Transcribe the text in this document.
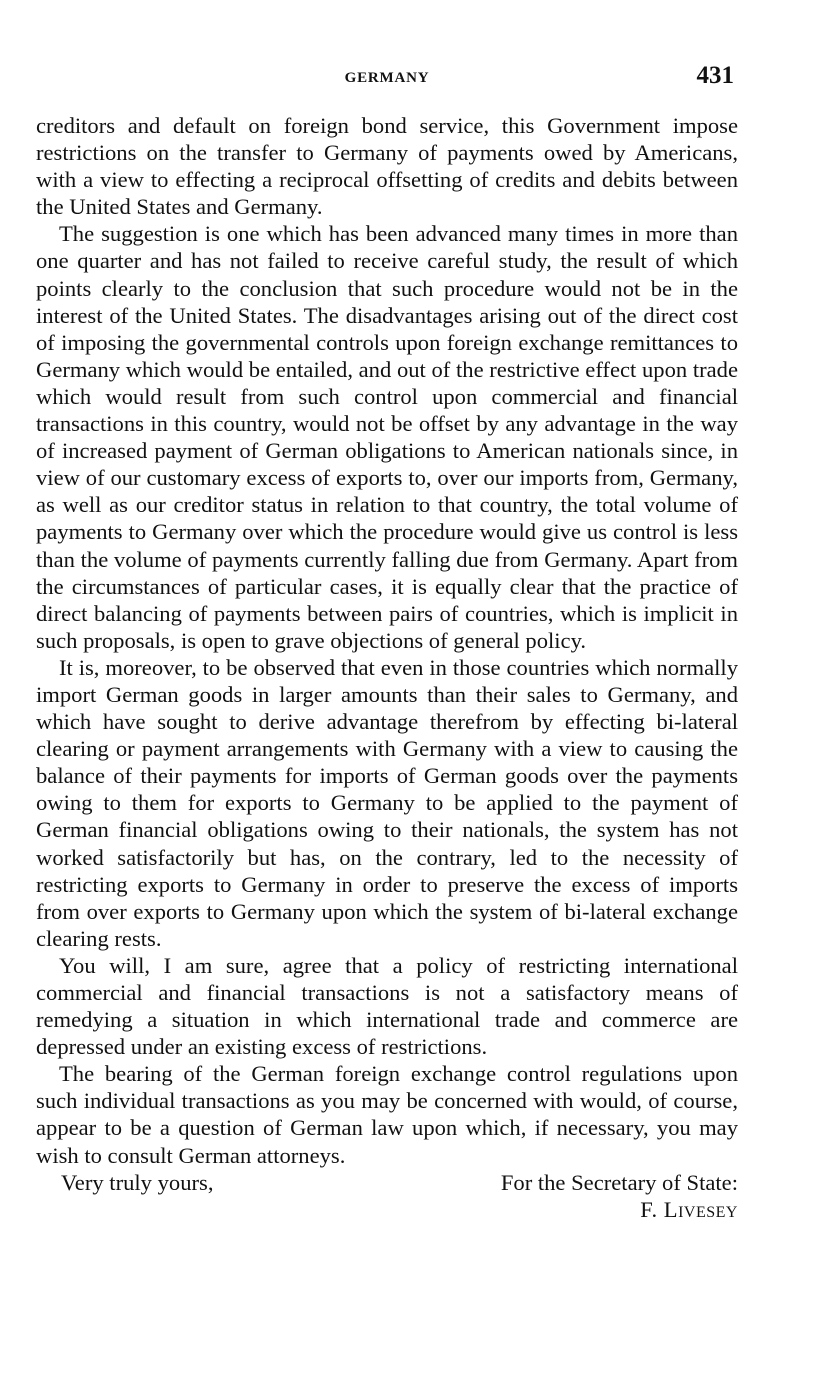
GERMANY	431

creditors and default on foreign bond service, this Government impose restrictions on the transfer to Germany of payments owed by Americans, with a view to effecting a reciprocal offsetting of credits and debits between the United States and Germany.

The suggestion is one which has been advanced many times in more than one quarter and has not failed to receive careful study, the result of which points clearly to the conclusion that such procedure would not be in the interest of the United States. The disadvantages arising out of the direct cost of imposing the governmental controls upon foreign exchange remittances to Germany which would be entailed, and out of the restrictive effect upon trade which would result from such control upon commercial and financial transactions in this country, would not be offset by any advantage in the way of increased payment of German obligations to American nationals since, in view of our customary excess of exports to, over our imports from, Germany, as well as our creditor status in relation to that country, the total volume of payments to Germany over which the procedure would give us control is less than the volume of payments currently falling due from Germany. Apart from the circumstances of particular cases, it is equally clear that the practice of direct balancing of payments between pairs of countries, which is implicit in such proposals, is open to grave objections of general policy.

It is, moreover, to be observed that even in those countries which normally import German goods in larger amounts than their sales to Germany, and which have sought to derive advantage therefrom by effecting bi-lateral clearing or payment arrangements with Germany with a view to causing the balance of their payments for imports of German goods over the payments owing to them for exports to Germany to be applied to the payment of German financial obligations owing to their nationals, the system has not worked satisfactorily but has, on the contrary, led to the necessity of restricting exports to Germany in order to preserve the excess of imports from over exports to Germany upon which the system of bi-lateral exchange clearing rests.

You will, I am sure, agree that a policy of restricting international commercial and financial transactions is not a satisfactory means of remedying a situation in which international trade and commerce are depressed under an existing excess of restrictions.

The bearing of the German foreign exchange control regulations upon such individual transactions as you may be concerned with would, of course, appear to be a question of German law upon which, if necessary, you may wish to consult German attorneys.

Very truly yours,	For the Secretary of State:
F. Livesey
